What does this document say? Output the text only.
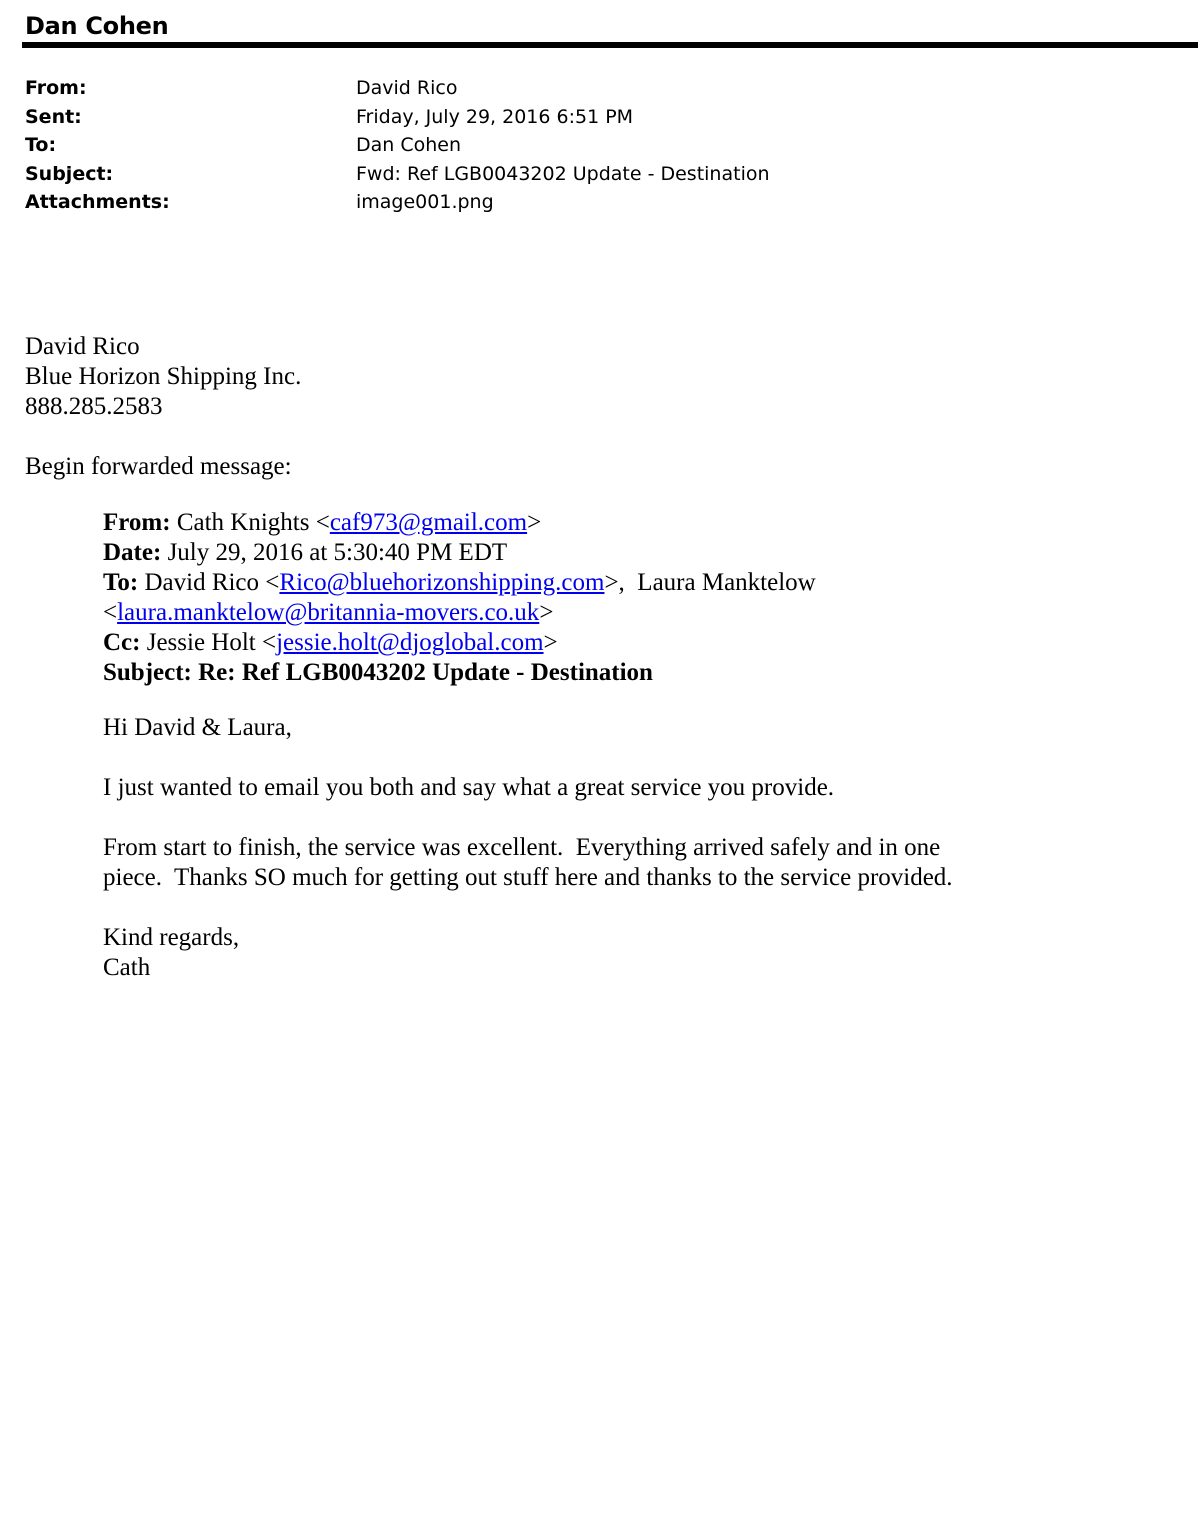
Dan Cohen
From:	David Rico
Sent:	Friday, July 29, 2016 6:51 PM
To:	Dan Cohen
Subject:	Fwd: Ref LGB0043202 Update - Destination
Attachments:	image001.png
David Rico
Blue Horizon Shipping Inc.
888.285.2583
Begin forwarded message:
From: Cath Knights <caf973@gmail.com>
Date: July 29, 2016 at 5:30:40 PM EDT
To: David Rico <Rico@bluehorizonshipping.com>,  Laura Manktelow
<laura.manktelow@britannia-movers.co.uk>
Cc: Jessie Holt <jessie.holt@djoglobal.com>
Subject: Re: Ref LGB0043202 Update - Destination
Hi David & Laura,
I just wanted to email you both and say what a great service you provide.
From start to finish, the service was excellent.  Everything arrived safely and in one
piece.  Thanks SO much for getting out stuff here and thanks to the service provided.
Kind regards,
Cath
